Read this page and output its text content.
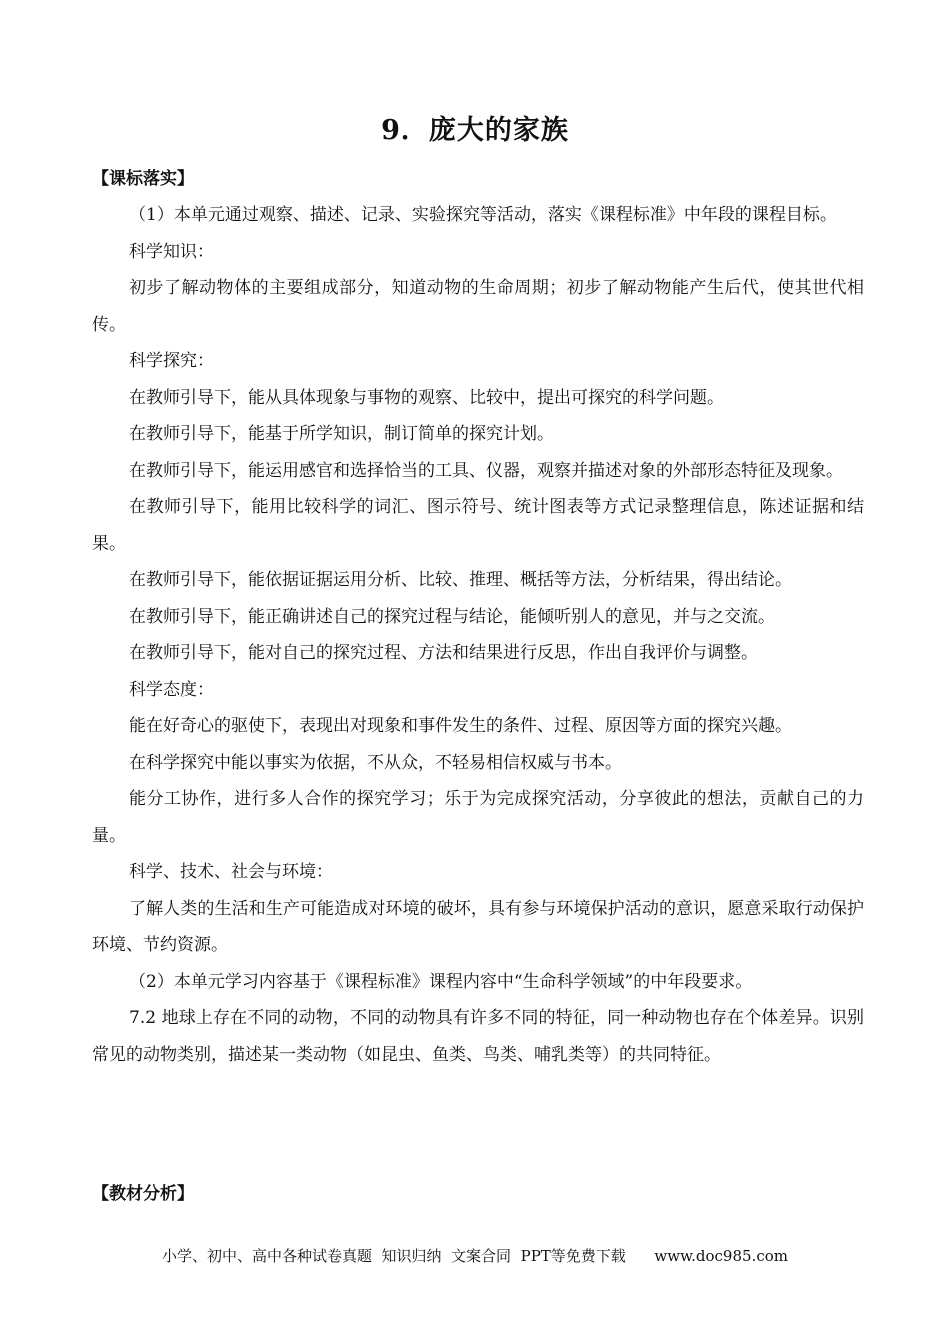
9．庞大的家族

【课标落实】

（1）本单元通过观察、描述、记录、实验探究等活动，落实《课程标准》中年段的课程目标。

科学知识：

初步了解动物体的主要组成部分，知道动物的生命周期；初步了解动物能产生后代，使其世代相传。

科学探究：

在教师引导下，能从具体现象与事物的观察、比较中，提出可探究的科学问题。

在教师引导下，能基于所学知识，制订简单的探究计划。

在教师引导下，能运用感官和选择恰当的工具、仪器，观察并描述对象的外部形态特征及现象。

在教师引导下，能用比较科学的词汇、图示符号、统计图表等方式记录整理信息，陈述证据和结果。

在教师引导下，能依据证据运用分析、比较、推理、概括等方法，分析结果，得出结论。

在教师引导下，能正确讲述自己的探究过程与结论，能倾听别人的意见，并与之交流。

在教师引导下，能对自己的探究过程、方法和结果进行反思，作出自我评价与调整。

科学态度：

能在好奇心的驱使下，表现出对现象和事件发生的条件、过程、原因等方面的探究兴趣。

在科学探究中能以事实为依据，不从众，不轻易相信权威与书本。

能分工协作，进行多人合作的探究学习；乐于为完成探究活动，分享彼此的想法，贡献自己的力量。

科学、技术、社会与环境：

了解人类的生活和生产可能造成对环境的破坏，具有参与环境保护活动的意识，愿意采取行动保护环境、节约资源。

（2）本单元学习内容基于《课程标准》课程内容中“生命科学领域”的中年段要求。

7.2 地球上存在不同的动物，不同的动物具有许多不同的特征，同一种动物也存在个体差异。识别常见的动物类别，描述某一类动物（如昆虫、鱼类、鸟类、哺乳类等）的共同特征。

【教材分析】
小学、初中、高中各种试卷真题  知识归纳  文案合同  PPT等免费下载      www.doc985.com
